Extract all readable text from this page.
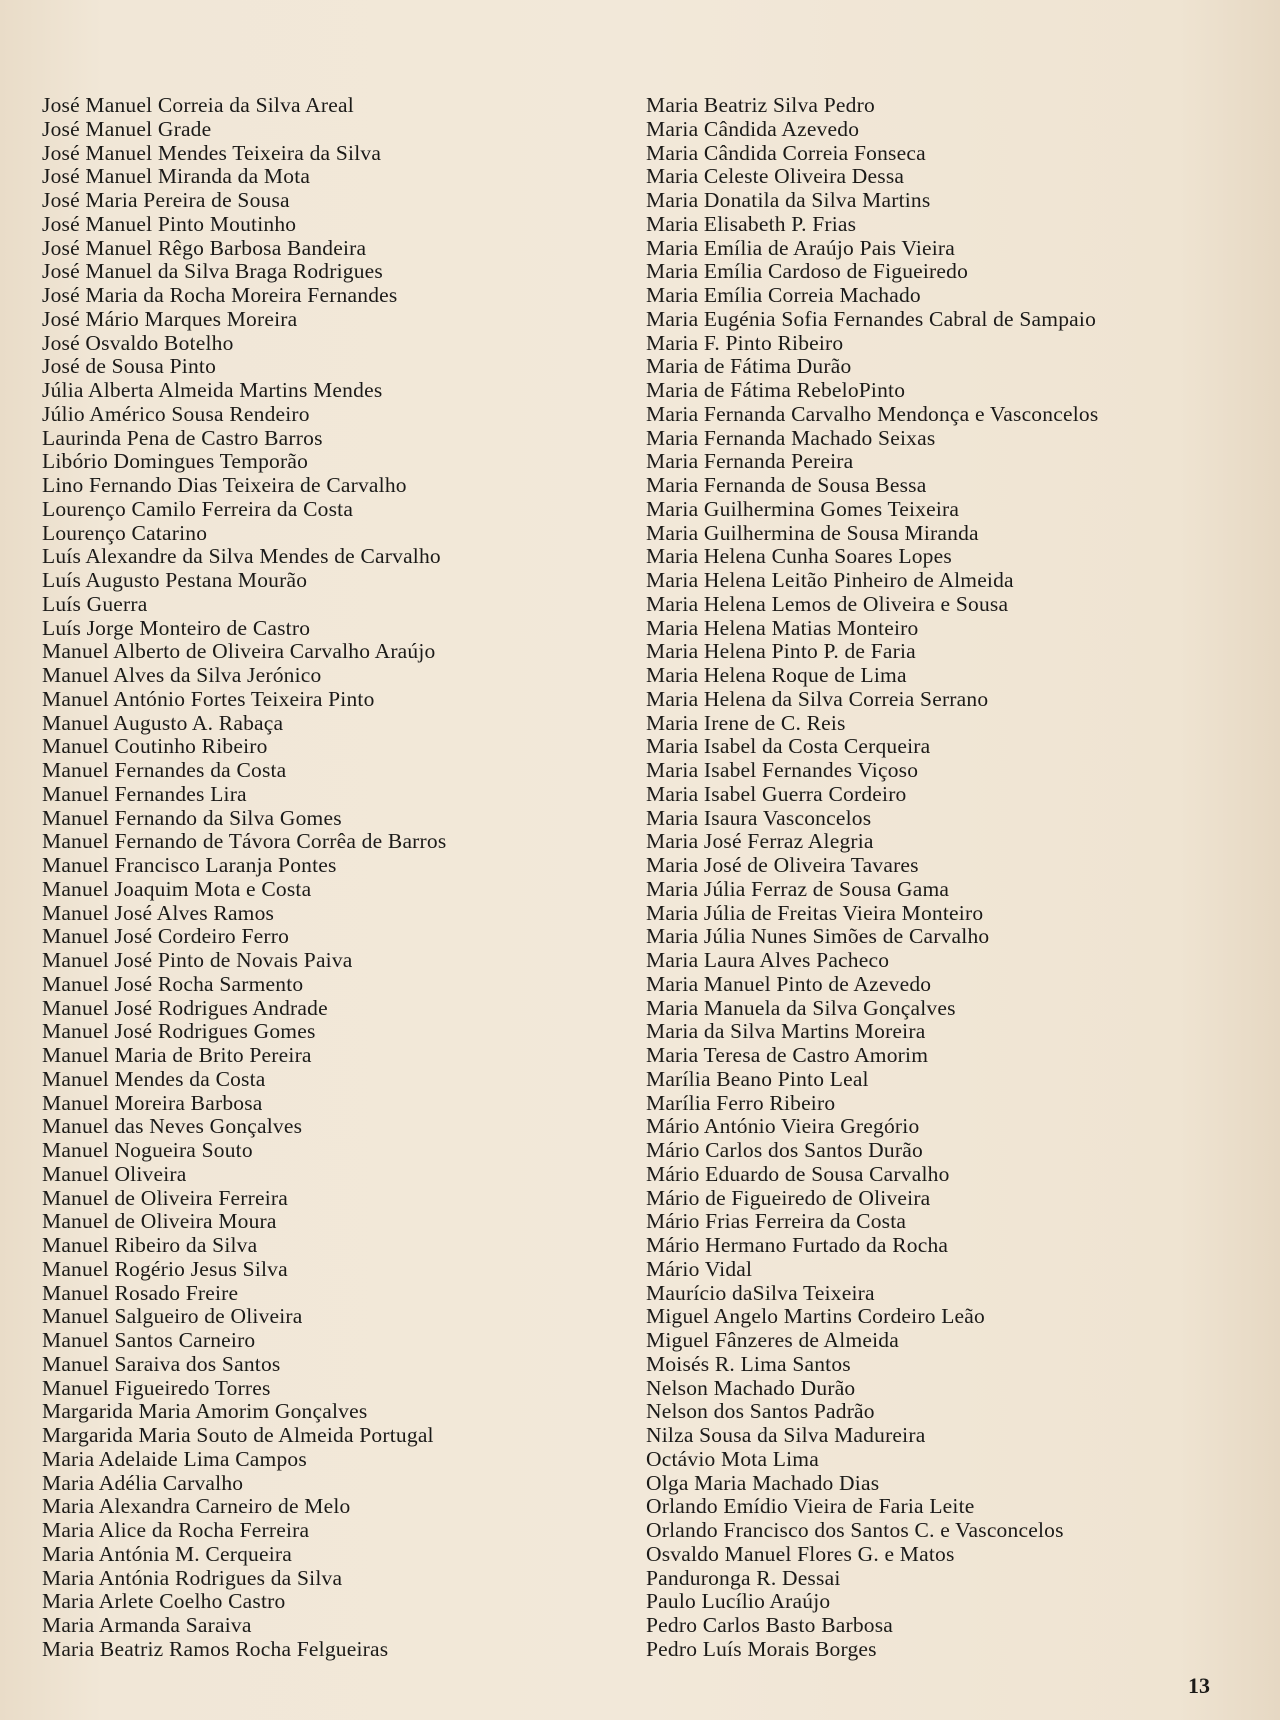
José Manuel Correia da Silva Areal
José Manuel Grade
José Manuel Mendes Teixeira da Silva
José Manuel Miranda da Mota
José Maria Pereira de Sousa
José Manuel Pinto Moutinho
José Manuel Rêgo Barbosa Bandeira
José Manuel da Silva Braga Rodrigues
José Maria da Rocha Moreira Fernandes
José Mário Marques Moreira
José Osvaldo Botelho
José de Sousa Pinto
Júlia Alberta Almeida Martins Mendes
Júlio Américo Sousa Rendeiro
Laurinda Pena de Castro Barros
Libório Domingues Temporão
Lino Fernando Dias Teixeira de Carvalho
Lourenço Camilo Ferreira da Costa
Lourenço Catarino
Luís Alexandre da Silva Mendes de Carvalho
Luís Augusto Pestana Mourão
Luís Guerra
Luís Jorge Monteiro de Castro
Manuel Alberto de Oliveira Carvalho Araújo
Manuel Alves da Silva Jerónico
Manuel António Fortes Teixeira Pinto
Manuel Augusto A. Rabaça
Manuel Coutinho Ribeiro
Manuel Fernandes da Costa
Manuel Fernandes Lira
Manuel Fernando da Silva Gomes
Manuel Fernando de Távora Corrêa de Barros
Manuel Francisco Laranja Pontes
Manuel Joaquim Mota e Costa
Manuel José Alves Ramos
Manuel José Cordeiro Ferro
Manuel José Pinto de Novais Paiva
Manuel José Rocha Sarmento
Manuel José Rodrigues Andrade
Manuel José Rodrigues Gomes
Manuel Maria de Brito Pereira
Manuel Mendes da Costa
Manuel Moreira Barbosa
Manuel das Neves Gonçalves
Manuel Nogueira Souto
Manuel Oliveira
Manuel de Oliveira Ferreira
Manuel de Oliveira Moura
Manuel Ribeiro da Silva
Manuel Rogério Jesus Silva
Manuel Rosado Freire
Manuel Salgueiro de Oliveira
Manuel Santos Carneiro
Manuel Saraiva dos Santos
Manuel Figueiredo Torres
Margarida Maria Amorim Gonçalves
Margarida Maria Souto de Almeida Portugal
Maria Adelaide Lima Campos
Maria Adélia Carvalho
Maria Alexandra Carneiro de Melo
Maria Alice da Rocha Ferreira
Maria Antónia M. Cerqueira
Maria Antónia Rodrigues da Silva
Maria Arlete Coelho Castro
Maria Armanda Saraiva
Maria Beatriz Ramos Rocha Felgueiras
Maria Beatriz Silva Pedro
Maria Cândida Azevedo
Maria Cândida Correia Fonseca
Maria Celeste Oliveira Dessa
Maria Donatila da Silva Martins
Maria Elisabeth P. Frias
Maria Emília de Araújo Pais Vieira
Maria Emília Cardoso de Figueiredo
Maria Emília Correia Machado
Maria Eugénia Sofia Fernandes Cabral de Sampaio
Maria F. Pinto Ribeiro
Maria de Fátima Durão
Maria de Fátima RebeloPinto
Maria Fernanda Carvalho Mendonça e Vasconcelos
Maria Fernanda Machado Seixas
Maria Fernanda Pereira
Maria Fernanda de Sousa Bessa
Maria Guilhermina Gomes Teixeira
Maria Guilhermina de Sousa Miranda
Maria Helena Cunha Soares Lopes
Maria Helena Leitão Pinheiro de Almeida
Maria Helena Lemos de Oliveira e Sousa
Maria Helena Matias Monteiro
Maria Helena Pinto P. de Faria
Maria Helena Roque de Lima
Maria Helena da Silva Correia Serrano
Maria Irene de C. Reis
Maria Isabel da Costa Cerqueira
Maria Isabel Fernandes Viçoso
Maria Isabel Guerra Cordeiro
Maria Isaura Vasconcelos
Maria José Ferraz Alegria
Maria José de Oliveira Tavares
Maria Júlia Ferraz de Sousa Gama
Maria Júlia de Freitas Vieira Monteiro
Maria Júlia Nunes Simões de Carvalho
Maria Laura Alves Pacheco
Maria Manuel Pinto de Azevedo
Maria Manuela da Silva Gonçalves
Maria da Silva Martins Moreira
Maria Teresa de Castro Amorim
Marília Beano Pinto Leal
Marília Ferro Ribeiro
Mário António Vieira Gregório
Mário Carlos dos Santos Durão
Mário Eduardo de Sousa Carvalho
Mário de Figueiredo de Oliveira
Mário Frias Ferreira da Costa
Mário Hermano Furtado da Rocha
Mário Vidal
Maurício daSilva Teixeira
Miguel Angelo Martins Cordeiro Leão
Miguel Fânzeres de Almeida
Moisés R. Lima Santos
Nelson Machado Durão
Nelson dos Santos Padrão
Nilza Sousa da Silva Madureira
Octávio Mota Lima
Olga Maria Machado Dias
Orlando Emídio Vieira de Faria Leite
Orlando Francisco dos Santos C. e Vasconcelos
Osvaldo Manuel Flores G. e Matos
Panduronga R. Dessai
Paulo Lucílio Araújo
Pedro Carlos Basto Barbosa
Pedro Luís Morais Borges
13
